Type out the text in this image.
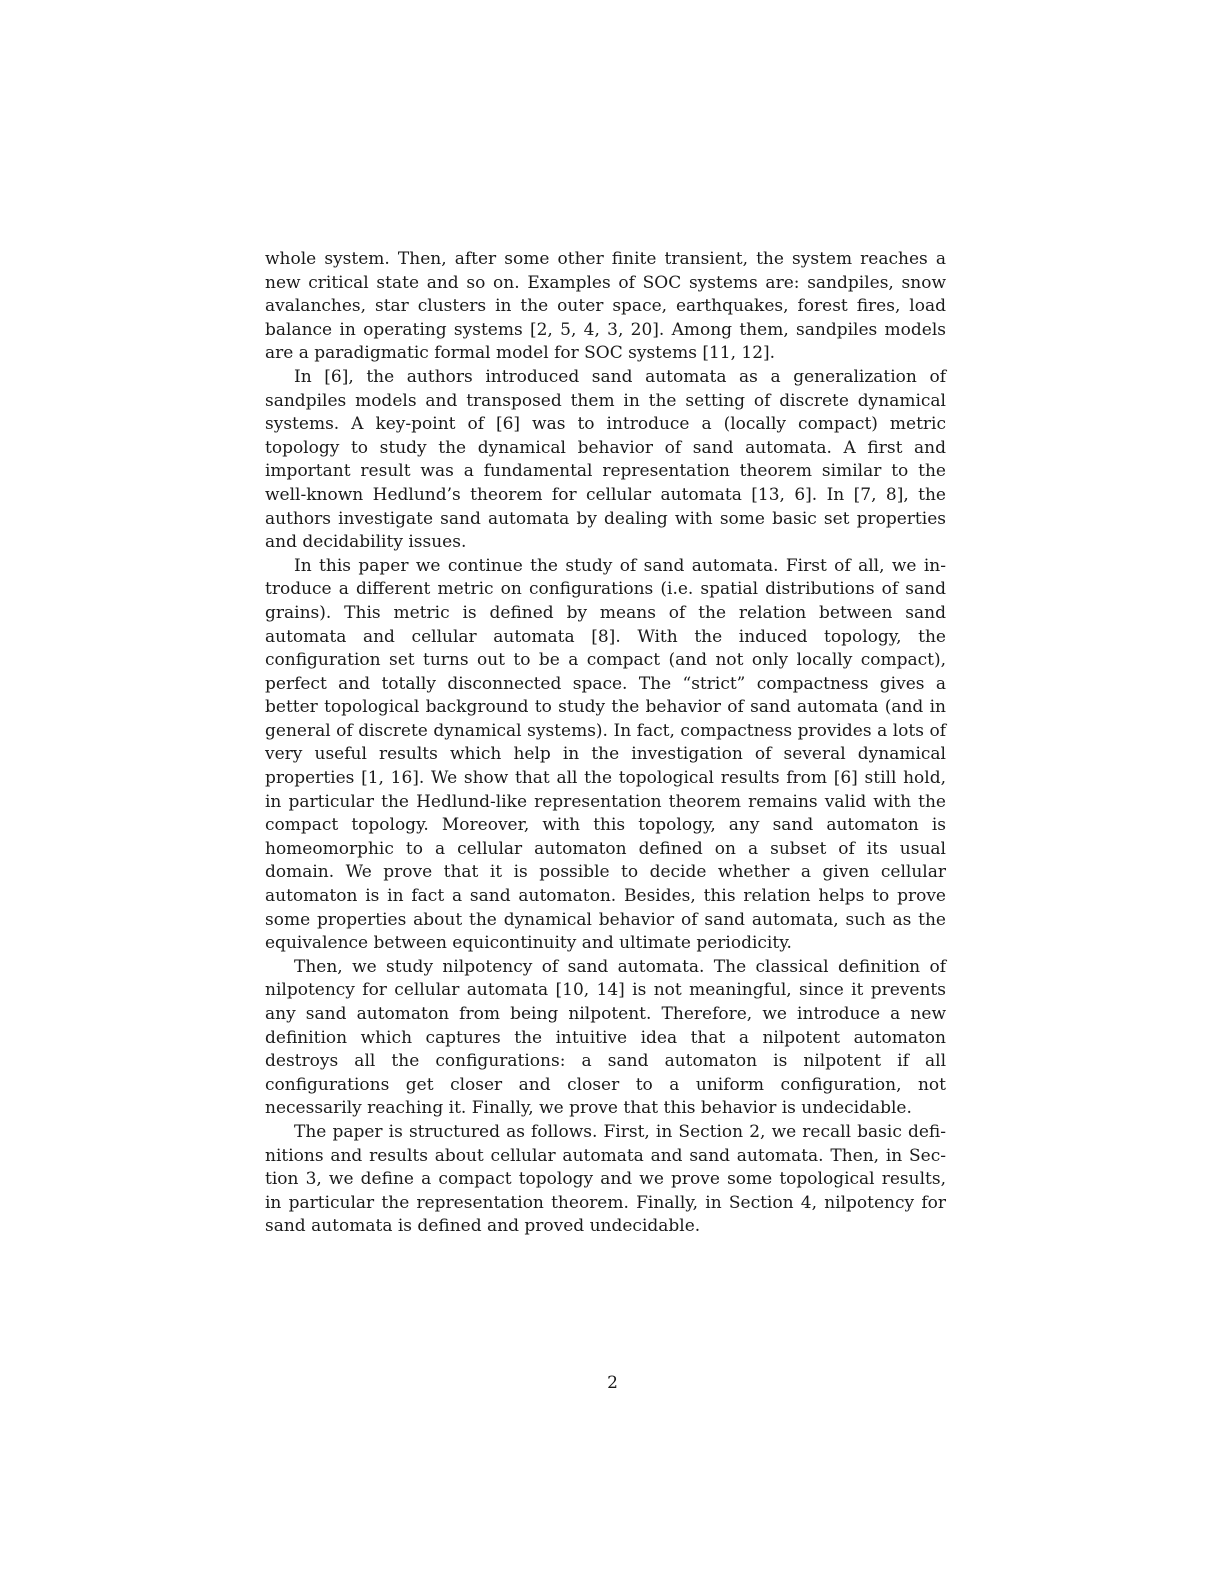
whole system. Then, after some other finite transient, the system reaches a new critical state and so on. Examples of SOC systems are: sandpiles, snow avalanches, star clusters in the outer space, earthquakes, forest fires, load balance in operating systems [2, 5, 4, 3, 20]. Among them, sandpiles models are a paradigmatic formal model for SOC systems [11, 12].

In [6], the authors introduced sand automata as a generalization of sandpiles models and transposed them in the setting of discrete dynamical systems. A key-point of [6] was to introduce a (locally compact) metric topology to study the dynamical behavior of sand automata. A first and important result was a fundamental representation theorem similar to the well-known Hedlund’s theorem for cellular automata [13, 6]. In [7, 8], the authors investigate sand automata by dealing with some basic set properties and decidability issues.

In this paper we continue the study of sand automata. First of all, we introduce a different metric on configurations (i.e. spatial distributions of sand grains). This metric is defined by means of the relation between sand automata and cellular automata [8]. With the induced topology, the configuration set turns out to be a compact (and not only locally compact), perfect and totally disconnected space. The “strict” compactness gives a better topological background to study the behavior of sand automata (and in general of discrete dynamical systems). In fact, compactness provides a lots of very useful results which help in the investigation of several dynamical properties [1, 16]. We show that all the topological results from [6] still hold, in particular the Hedlund-like representation theorem remains valid with the compact topology. Moreover, with this topology, any sand automaton is homeomorphic to a cellular automaton defined on a subset of its usual domain. We prove that it is possible to decide whether a given cellular automaton is in fact a sand automaton. Besides, this relation helps to prove some properties about the dynamical behavior of sand automata, such as the equivalence between equicontinuity and ultimate periodicity.

Then, we study nilpotency of sand automata. The classical definition of nilpotency for cellular automata [10, 14] is not meaningful, since it prevents any sand automaton from being nilpotent. Therefore, we introduce a new definition which captures the intuitive idea that a nilpotent automaton destroys all the configurations: a sand automaton is nilpotent if all configurations get closer and closer to a uniform configuration, not necessarily reaching it. Finally, we prove that this behavior is undecidable.

The paper is structured as follows. First, in Section 2, we recall basic definitions and results about cellular automata and sand automata. Then, in Section 3, we define a compact topology and we prove some topological results, in particular the representation theorem. Finally, in Section 4, nilpotency for sand automata is defined and proved undecidable.

2
